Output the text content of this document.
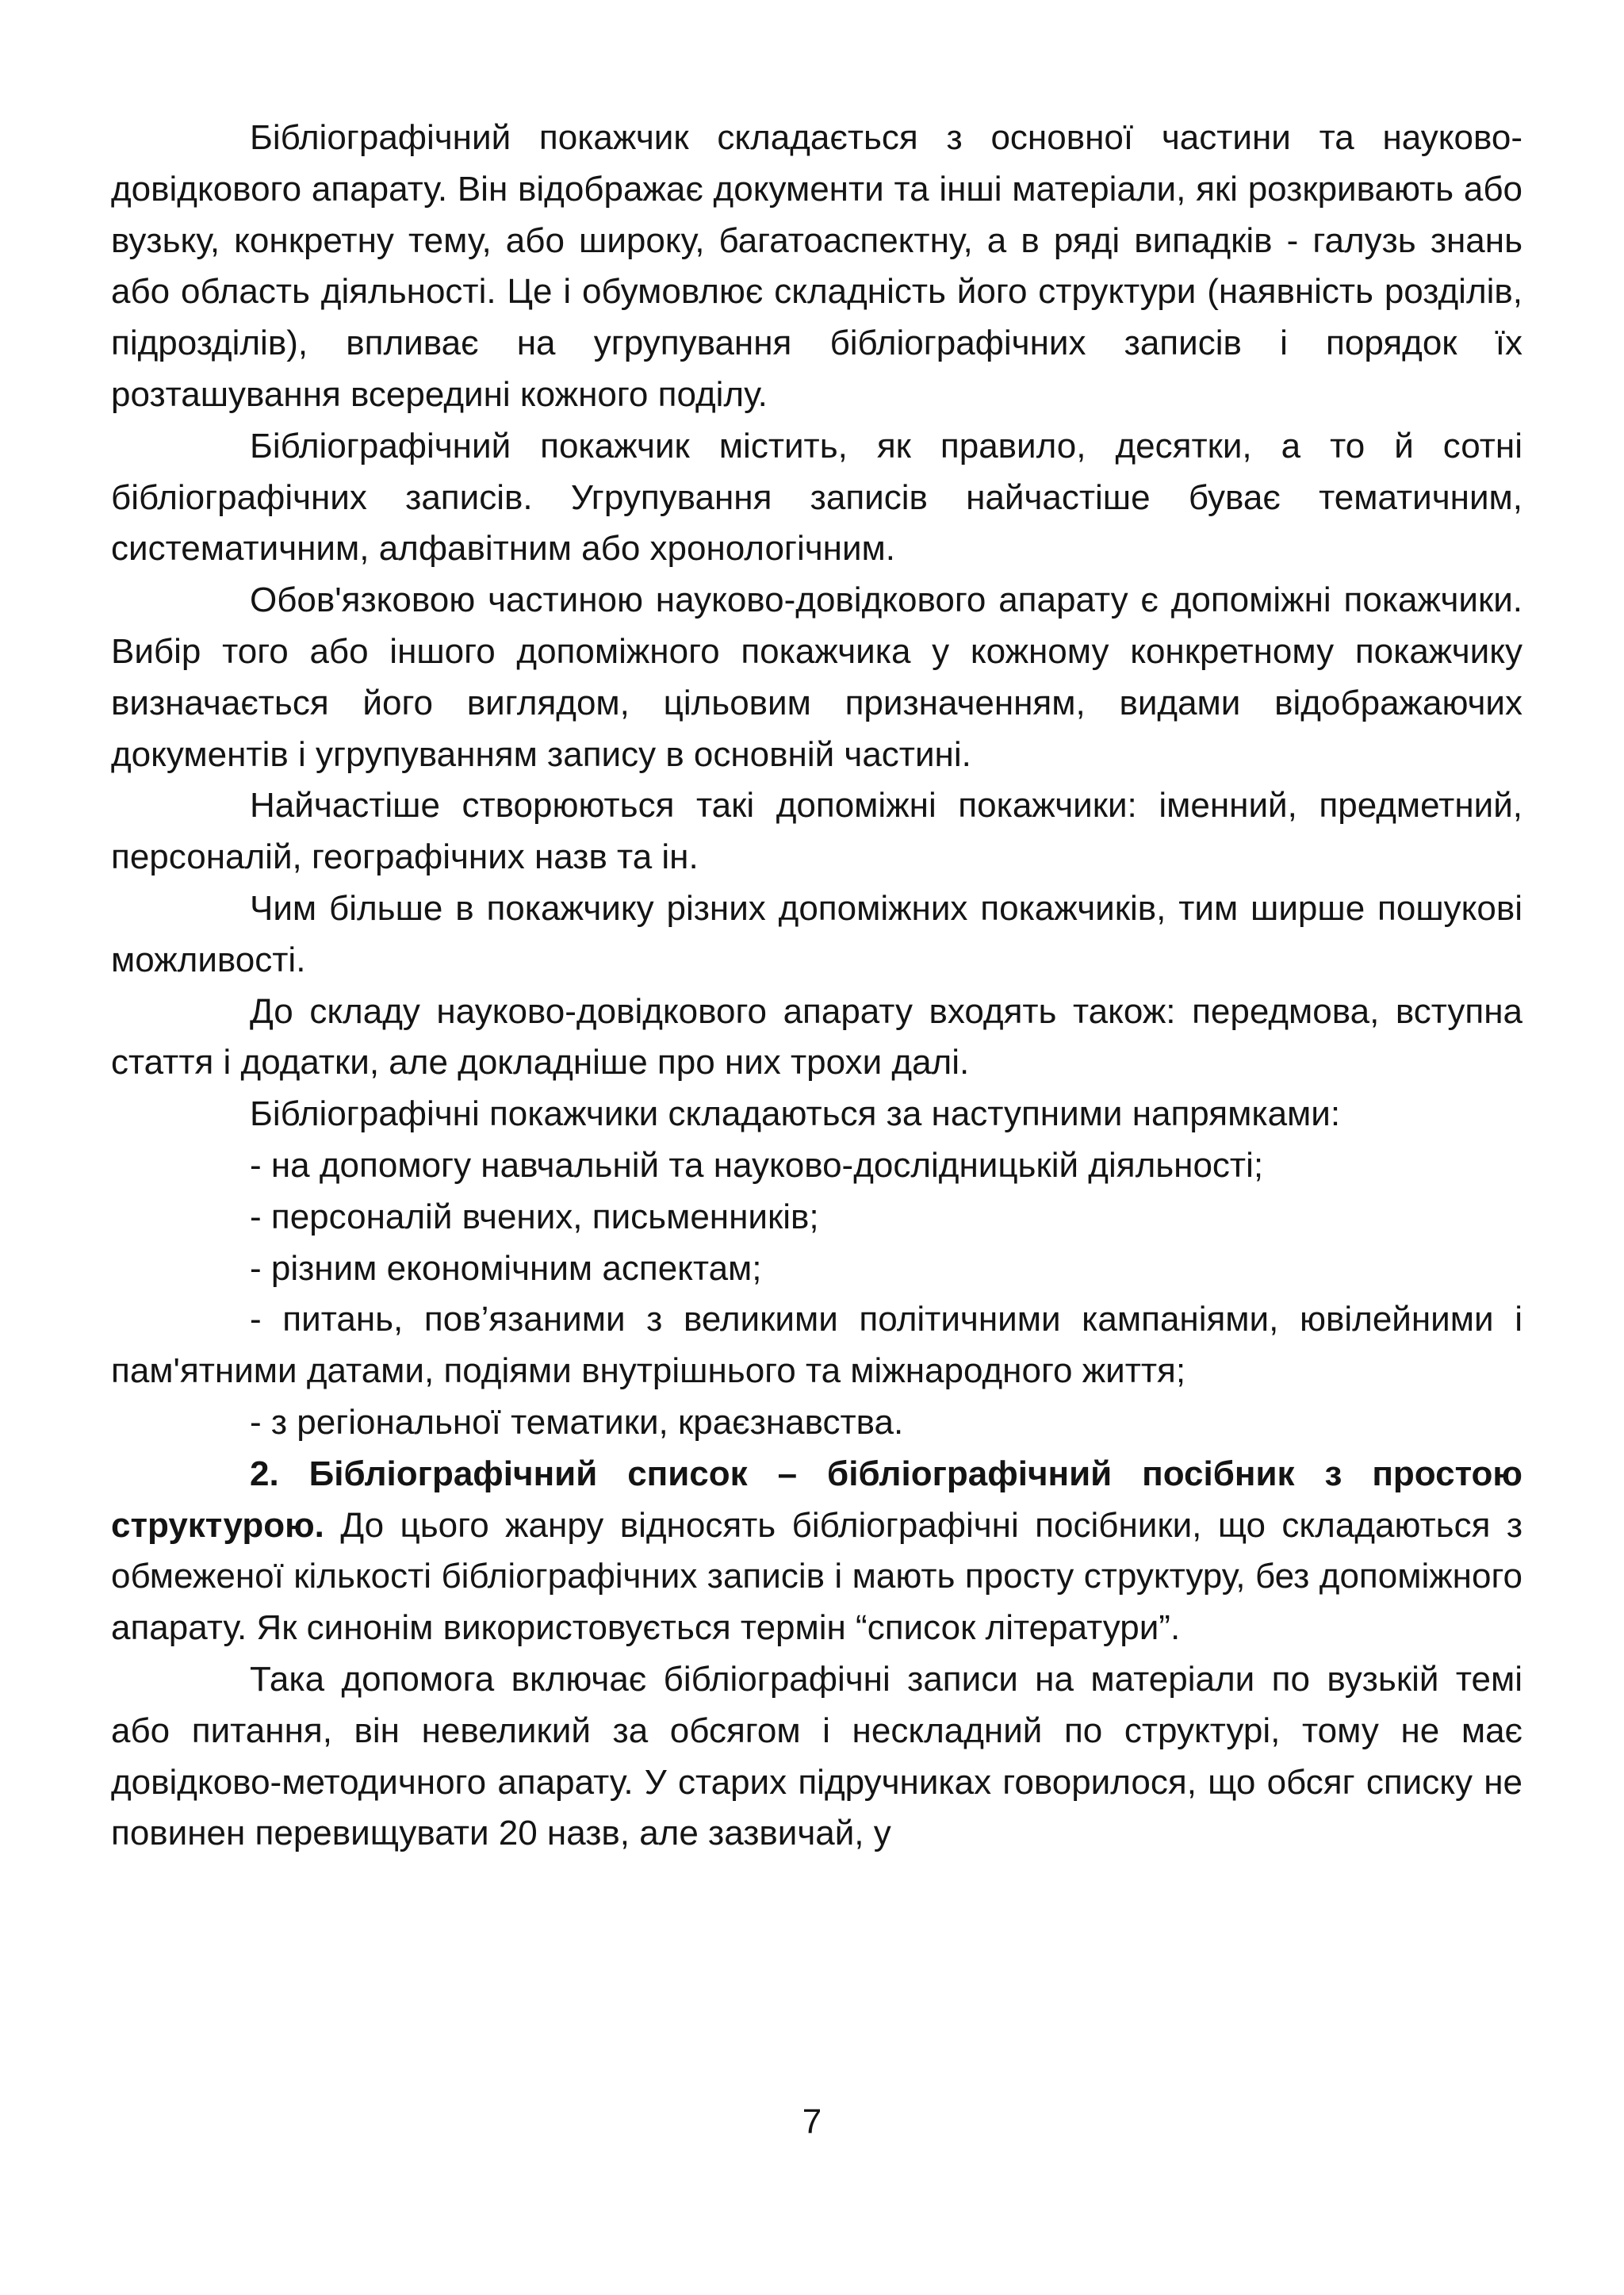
Бібліографічний покажчик складається з основної частини та науково-довідкового апарату. Він відображає документи та інші матеріали, які розкривають або вузьку, конкретну тему, або широку, багатоаспектну, а в ряді випадків - галузь знань або область діяльності. Це і обумовлює складність його структури (наявність розділів, підрозділів), впливає на угрупування бібліографічних записів і порядок їх розташування всередині кожного поділу.

Бібліографічний покажчик містить, як правило, десятки, а то й сотні бібліографічних записів. Угрупування записів найчастіше буває тематичним, систематичним, алфавітним або хронологічним.

Обов'язковою частиною науково-довідкового апарату є допоміжні покажчики. Вибір того або іншого допоміжного покажчика у кожному конкретному покажчику визначається його виглядом, цільовим призначенням, видами відображаючих документів і угрупуванням запису в основній частині.

Найчастіше створюються такі допоміжні покажчики: іменний, предметний, персоналій, географічних назв та ін.

Чим більше в покажчику різних допоміжних покажчиків, тим ширше пошукові можливості.

До складу науково-довідкового апарату входять також: передмова, вступна стаття і додатки, але докладніше про них трохи далі.

Бібліографічні покажчики складаються за наступними напрямками:

- на допомогу навчальній та науково-дослідницькій діяльності;

- персоналій вчених, письменників;

- різним економічним аспектам;

- питань, пов’язаними з великими політичними кампаніями, ювілейними і пам'ятними датами, подіями внутрішнього та міжнародного життя;

- з регіональної тематики, краєзнавства.

2. Бібліографічний список – бібліографічний посібник з простою структурою. До цього жанру відносять бібліографічні посібники, що складаються з обмеженої кількості бібліографічних записів і мають просту структуру, без допоміжного апарату. Як синонім використовується термін “список літератури”.

Така допомога включає бібліографічні записи на матеріали по вузькій темі або питання, він невеликий за обсягом і нескладний по структурі, тому не має довідково-методичного апарату. У старих підручниках говорилося, що обсяг списку не повинен перевищувати 20 назв, але зазвичай, у

7
